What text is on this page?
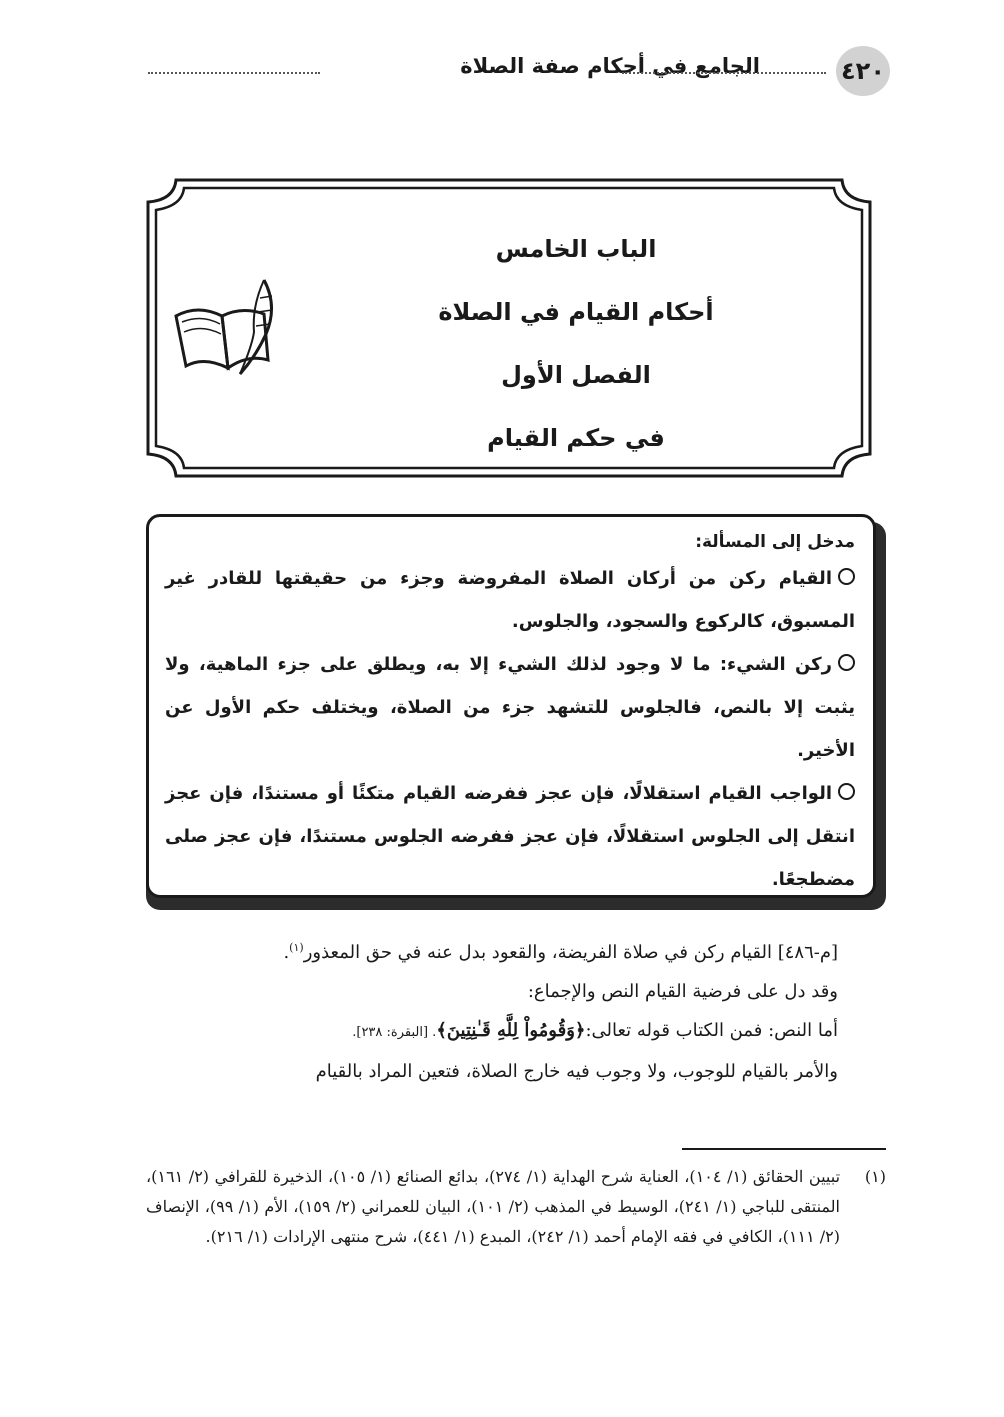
الجامع في أحكام صفة الصلاة	٤٢٠
الباب الخامس
أحكام القيام في الصلاة
الفصل الأول
في حكم القيام
مدخل إلى المسألة:
القيام ركن من أركان الصلاة المفروضة وجزء من حقيقتها للقادر غير المسبوق، كالركوع والسجود، والجلوس.
ركن الشيء: ما لا وجود لذلك الشيء إلا به، ويطلق على جزء الماهية، ولا يثبت إلا بالنص، فالجلوس للتشهد جزء من الصلاة، ويختلف حكم الأول عن الأخير.
الواجب القيام استقلالًا، فإن عجز ففرضه القيام متكئًا أو مستندًا، فإن عجز انتقل إلى الجلوس استقلالًا، فإن عجز ففرضه الجلوس مستندًا، فإن عجز صلى مضطجعًا.

[م-٤٨٦] القيام ركن في صلاة الفريضة، والقعود بدل عنه في حق المعذور$^{(١)}$.

وقد دل على فرضية القيام النص والإجماع:

أما النص: فمن الكتاب قوله تعالى:﴿وَقُومُواْ لِلَّهِ قَـٰنِتِينَ﴾. [البقرة: ٢٣٨].

والأمر بالقيام للوجوب، ولا وجوب فيه خارج الصلاة، فتعين المراد بالقيام

(١)
تبيين الحقائق (١/ ١٠٤)، العناية شرح الهداية (١/ ٢٧٤)، بدائع الصنائع (١/ ١٠٥)، الذخيرة للقرافي (٢/ ١٦١)، المنتقى للباجي (١/ ٢٤١)، الوسيط في المذهب (٢/ ١٠١)، البيان للعمراني (٢/ ١٥٩)، الأم (١/ ٩٩)، الإنصاف (٢/ ١١١)، الكافي في فقه الإمام أحمد (١/ ٢٤٢)، المبدع (١/ ٤٤١)، شرح منتهى الإرادات (١/ ٢١٦).
